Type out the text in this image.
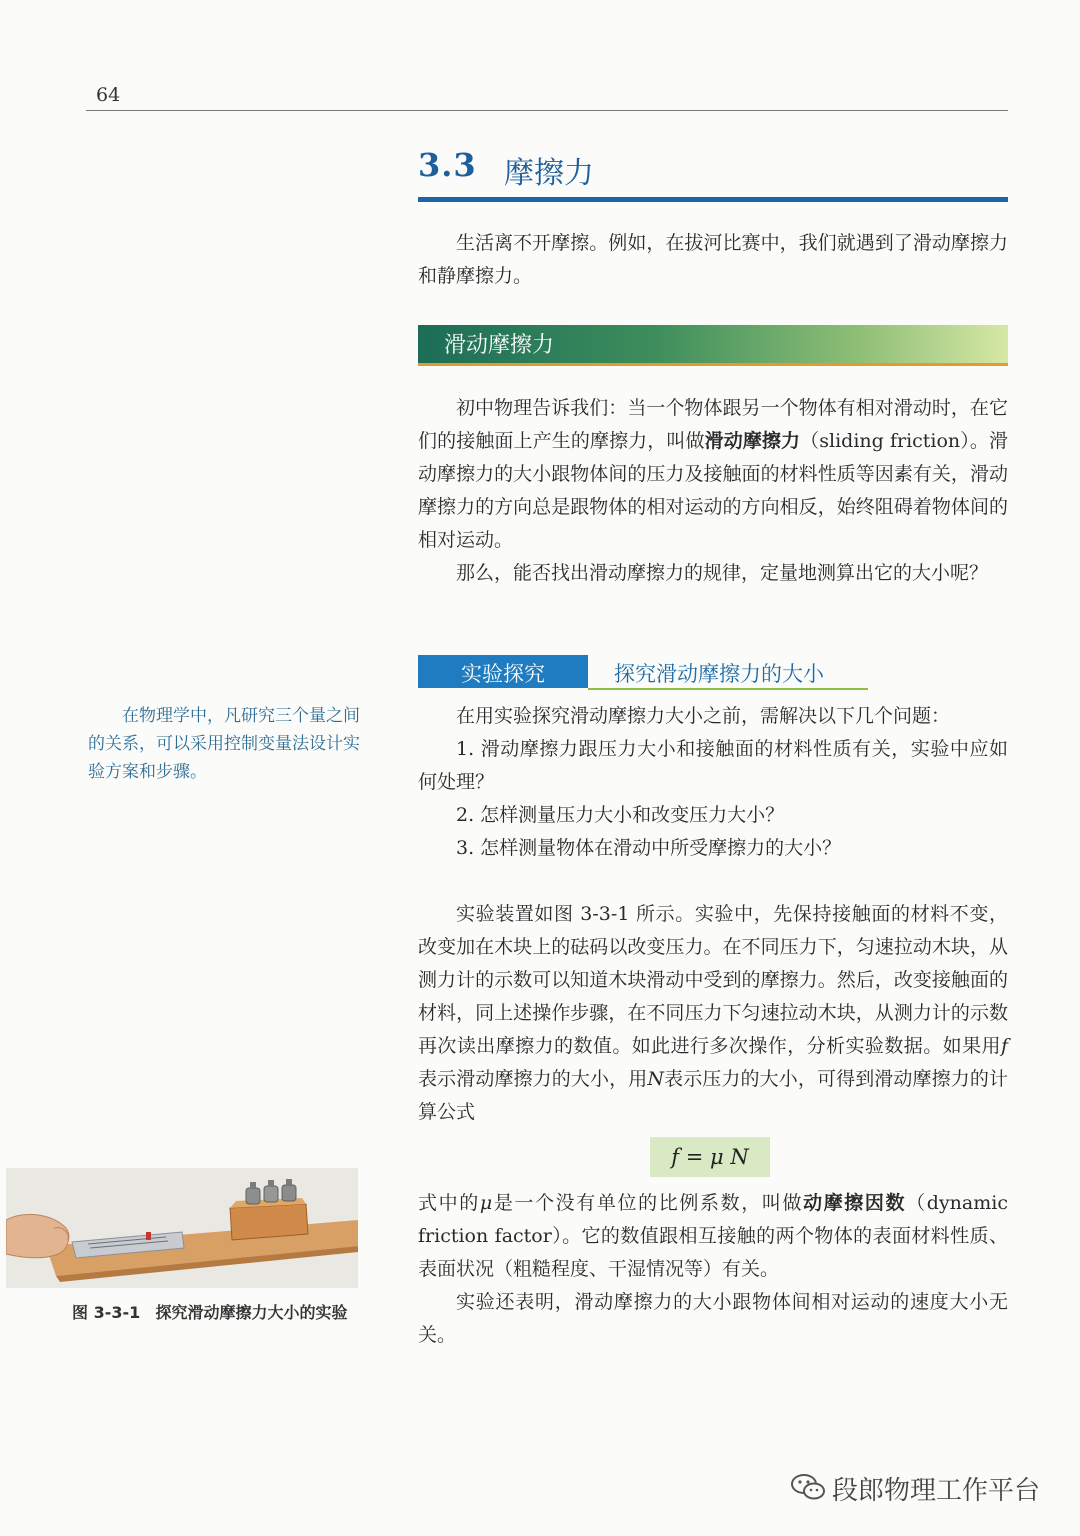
64
3.3 摩擦力

生活离不开摩擦。例如，在拔河比赛中，我们就遇到了滑动摩擦力和静摩擦力。

滑动摩擦力

初中物理告诉我们：当一个物体跟另一个物体有相对滑动时，在它们的接触面上产生的摩擦力，叫做滑动摩擦力（sliding friction）。滑动摩擦力的大小跟物体间的压力及接触面的材料性质等因素有关，滑动摩擦力的方向总是跟物体的相对运动的方向相反，始终阻碍着物体间的相对运动。

那么，能否找出滑动摩擦力的规律，定量地测算出它的大小呢？

实验探究	探究滑动摩擦力的大小

在用实验探究滑动摩擦力大小之前，需解决以下几个问题：

1. 滑动摩擦力跟压力大小和接触面的材料性质有关，实验中应如何处理？

2. 怎样测量压力大小和改变压力大小？

3. 怎样测量物体在滑动中所受摩擦力的大小？

在物理学中，凡研究三个量之间的关系，可以采用控制变量法设计实验方案和步骤。

实验装置如图 3-3-1 所示。实验中，先保持接触面的材料不变，改变加在木块上的砝码以改变压力。在不同压力下，匀速拉动木块，从测力计的示数可以知道木块滑动中受到的摩擦力。然后，改变接触面的材料，同上述操作步骤，在不同压力下匀速拉动木块，从测力计的示数再次读出摩擦力的数值。如此进行多次操作，分析实验数据。如果用f表示滑动摩擦力的大小，用N表示压力的大小，可得到滑动摩擦力的计算公式

f = μ N

式中的μ是一个没有单位的比例系数，叫做动摩擦因数（dynamic friction factor）。它的数值跟相互接触的两个物体的表面材料性质、表面状况（粗糙程度、干湿情况等）有关。

实验还表明，滑动摩擦力的大小跟物体间相对运动的速度大小无关。

图 3-3-1 探究滑动摩擦力大小的实验
段郎物理工作平台
